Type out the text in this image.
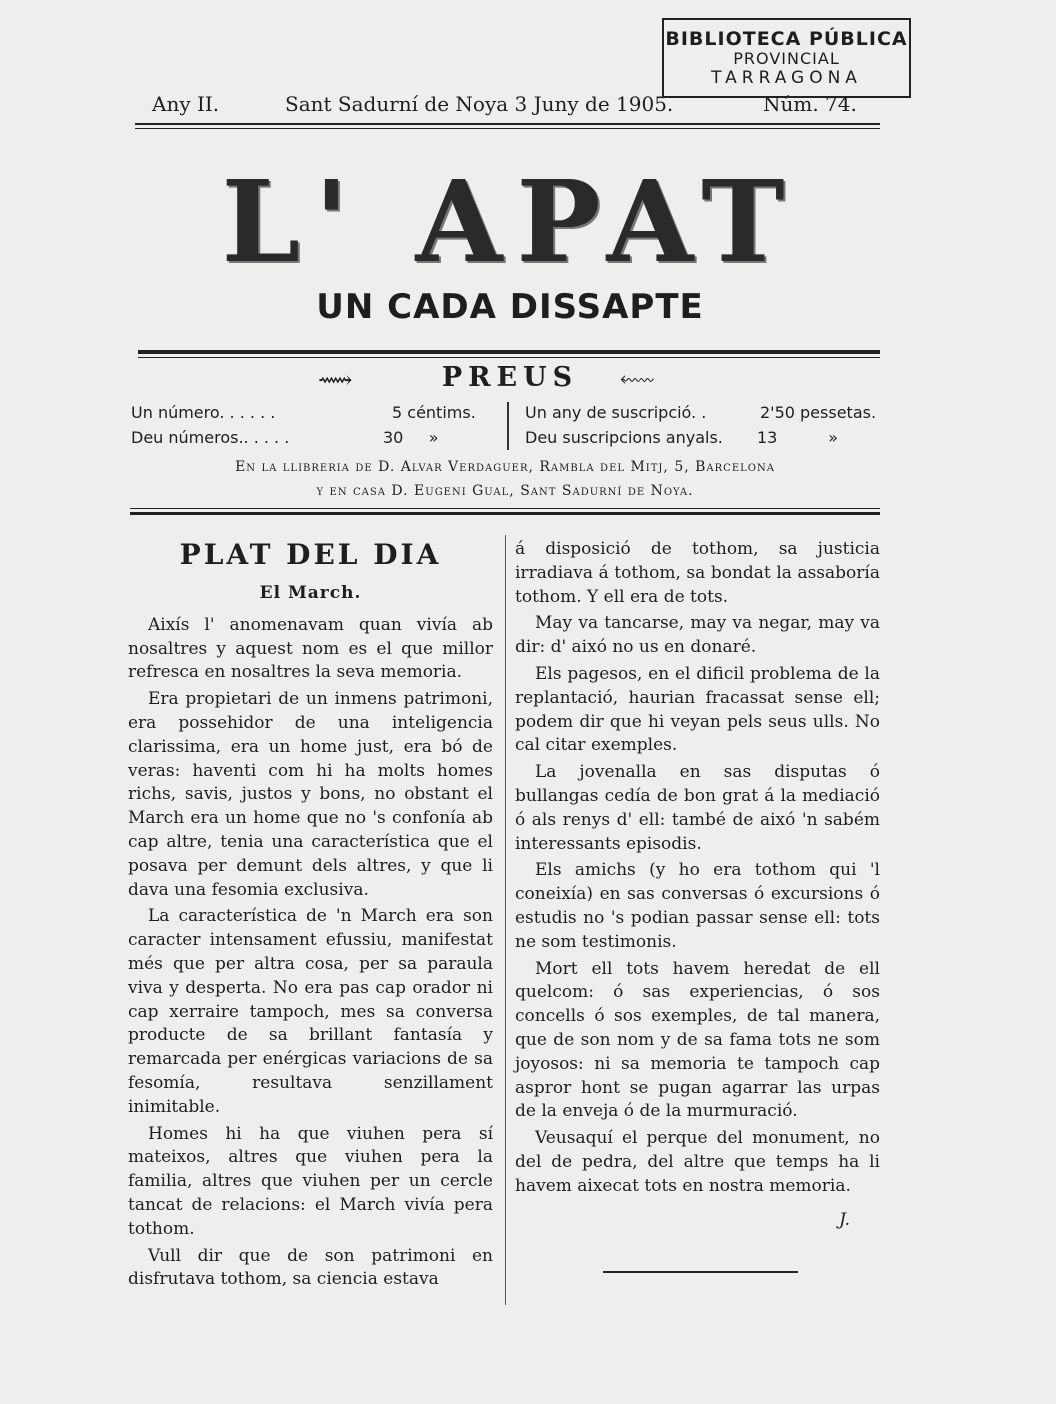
BIBLIOTECA PÚBLICA
PROVINCIAL
TARRAGONA
Any II.	Sant Sadurní de Noya 3 Juny de 1905.	Núm. 74.
L' APAT
UN CADA DISSAPTE
⟿	PREUS	⬳
Un número. . . . . .	5 céntims.
Deu números.. . . . .	30     »
Un any de suscripció. .	2'50 pessetas.
Deu suscripcions anyals. 13          »
En la llibreria de D. Alvar Verdaguer, Rambla del Mitj, 5, Barcelona
y en casa D. Eugeni Gual, Sant Sadurní de Noya.
PLAT DEL DIA
El March.

Aixís l' anomenavam quan vivía ab nosaltres y aquest nom es el que millor refresca en nosaltres la seva memoria.

Era propietari de un inmens patrimoni, era possehidor de una inteligencia clarissima, era un home just, era bó de veras: haventi com hi ha molts homes richs, savis, justos y bons, no obstant el March era un home que no 's confonía ab cap altre, tenia una característica que el posava per demunt dels altres, y que li dava una fesomia exclusiva.

La característica de 'n March era son caracter intensament efussiu, manifestat més que per altra cosa, per sa paraula viva y desperta. No era pas cap orador ni cap xerraire tampoch, mes sa conversa producte de sa brillant fantasía y remarcada per enérgicas variacions de sa fesomía, resultava senzillament inimitable.

Homes hi ha que viuhen pera sí mateixos, altres que viuhen pera la familia, altres que viuhen per un cercle tancat de relacions: el March vivía pera tothom.

Vull dir que de son patrimoni en disfrutava tothom, sa ciencia estava

á disposició de tothom, sa justicia irradiava á tothom, sa bondat la assaboría tothom. Y ell era de tots.

May va tancarse, may va negar, may va dir: d' aixó no us en donaré.

Els pagesos, en el dificil problema de la replantació, haurian fracassat sense ell; podem dir que hi veyan pels seus ulls. No cal citar exemples.

La jovenalla en sas disputas ó bullangas cedía de bon grat á la mediació ó als renys d' ell: també de aixó 'n sabém interessants episodis.

Els amichs (y ho era tothom qui 'l coneixía) en sas conversas ó excursions ó estudis no 's podian passar sense ell: tots ne som testimonis.

Mort ell tots havem heredat de ell quelcom: ó sas experiencias, ó sos concells ó sos exemples, de tal manera, que de son nom y de sa fama tots ne som joyosos: ni sa memoria te tampoch cap aspror hont se pugan agarrar las urpas de la enveja ó de la murmuració.

Veusaquí el perque del monument, no del de pedra, del altre que temps ha li havem aixecat tots en nostra memoria.

J.
